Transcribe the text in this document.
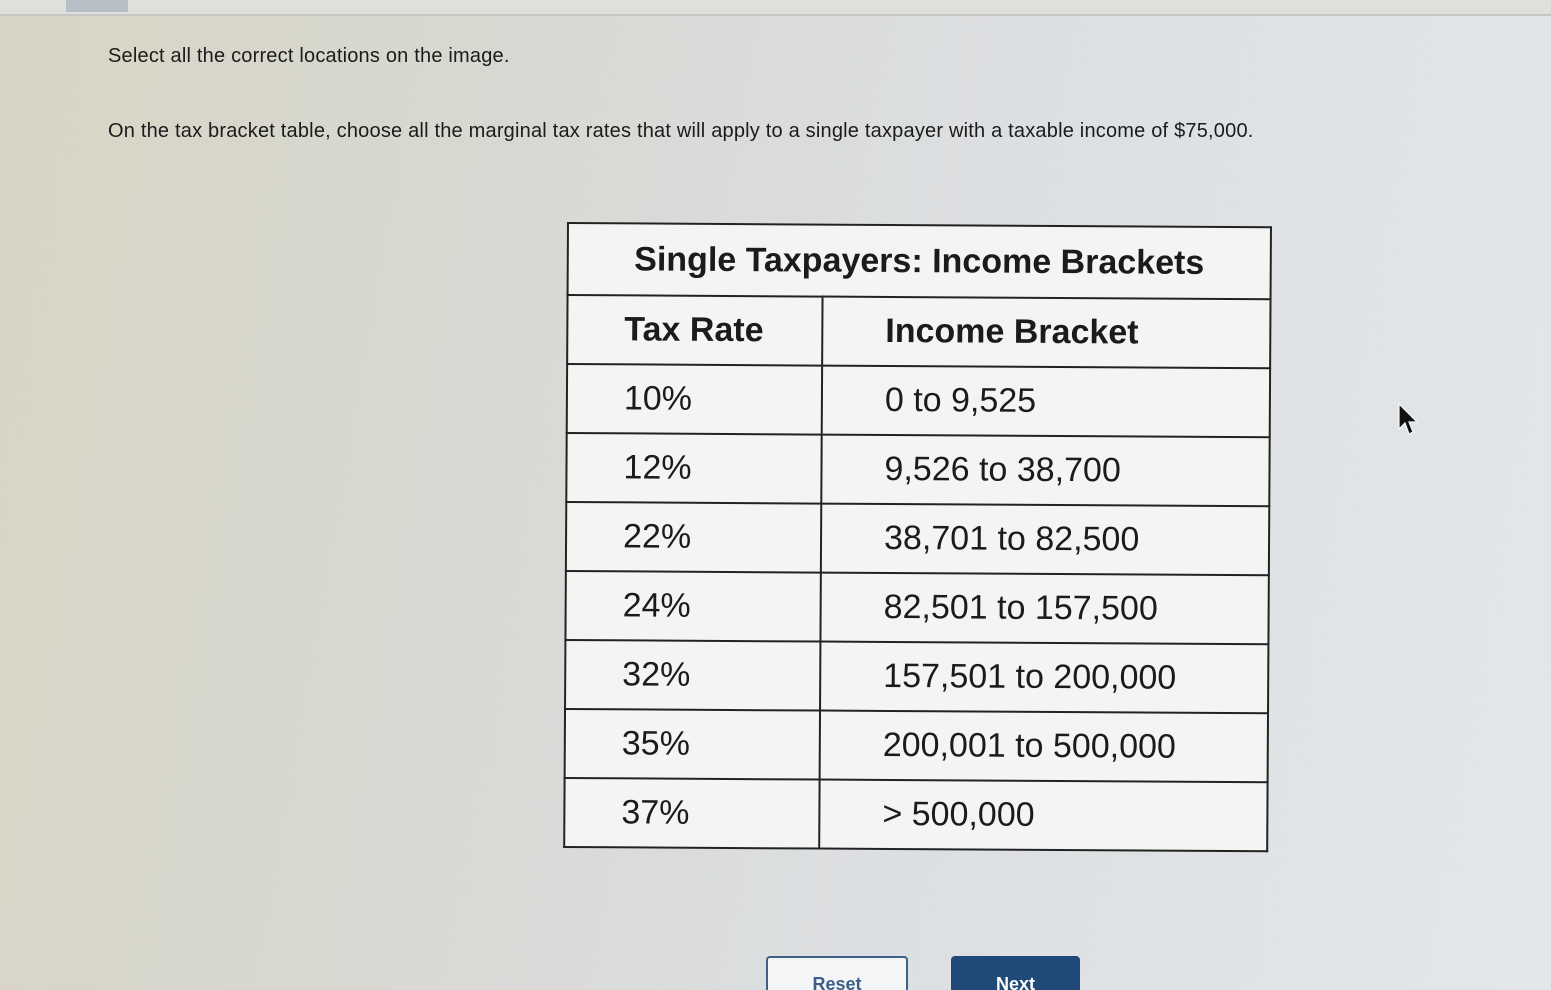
Select all the correct locations on the image.
On the tax bracket table, choose all the marginal tax rates that will apply to a single taxpayer with a taxable income of $75,000.
Single Taxpayers: Income Brackets	
Tax Rate	Income Bracket
10%	0 to 9,525
12%	9,526 to 38,700
22%	38,701 to 82,500
24%	82,501 to 157,500
32%	157,501 to 200,000
35%	200,001 to 500,000
37%	> 500,000
Reset	Next
